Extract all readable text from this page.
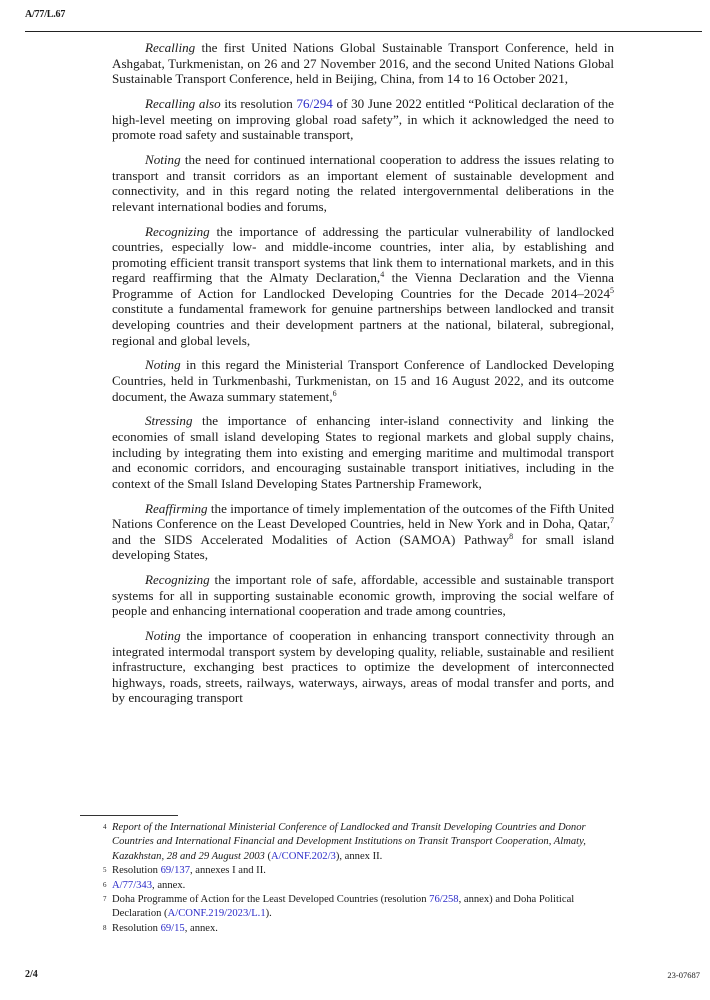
A/77/L.67

Recalling the first United Nations Global Sustainable Transport Conference, held in Ashgabat, Turkmenistan, on 26 and 27 November 2016, and the second United Nations Global Sustainable Transport Conference, held in Beijing, China, from 14 to 16 October 2021,

Recalling also its resolution 76/294 of 30 June 2022 entitled “Political declaration of the high-level meeting on improving global road safety”, in which it acknowledged the need to promote road safety and sustainable transport,

Noting the need for continued international cooperation to address the issues relating to transport and transit corridors as an important element of sustainable development and connectivity, and in this regard noting the related intergovernmental deliberations in the relevant international bodies and forums,

Recognizing the importance of addressing the particular vulnerability of landlocked countries, especially low- and middle-income countries, inter alia, by establishing and promoting efficient transit transport systems that link them to international markets, and in this regard reaffirming that the Almaty Declaration,$^4$ the Vienna Declaration and the Vienna Programme of Action for Landlocked Developing Countries for the Decade 2014–2024$^5$ constitute a fundamental framework for genuine partnerships between landlocked and transit developing countries and their development partners at the national, bilateral, subregional, regional and global levels,

Noting in this regard the Ministerial Transport Conference of Landlocked Developing Countries, held in Turkmenbashi, Turkmenistan, on 15 and 16 August 2022, and its outcome document, the Awaza summary statement,$^6$

Stressing the importance of enhancing inter-island connectivity and linking the economies of small island developing States to regional markets and global supply chains, including by integrating them into existing and emerging maritime and multimodal transport and economic corridors, and encouraging sustainable transport initiatives, including in the context of the Small Island Developing States Partnership Framework,

Reaffirming the importance of timely implementation of the outcomes of the Fifth United Nations Conference on the Least Developed Countries, held in New York and in Doha, Qatar,$^7$ and the SIDS Accelerated Modalities of Action (SAMOA) Pathway$^8$ for small island developing States,

Recognizing the important role of safe, affordable, accessible and sustainable transport systems for all in supporting sustainable economic growth, improving the social welfare of people and enhancing international cooperation and trade among countries,

Noting the importance of cooperation in enhancing transport connectivity through an integrated intermodal transport system by developing quality, reliable, sustainable and resilient infrastructure, exchanging best practices to optimize the development of interconnected highways, roads, streets, railways, waterways, airways, areas of modal transfer and ports, and by encouraging transport

4 Report of the International Ministerial Conference of Landlocked and Transit Developing Countries and Donor Countries and International Financial and Development Institutions on Transit Transport Cooperation, Almaty, Kazakhstan, 28 and 29 August 2003 (A/CONF.202/3), annex II.
5 Resolution 69/137, annexes I and II.
6 A/77/343, annex.
7 Doha Programme of Action for the Least Developed Countries (resolution 76/258, annex) and Doha Political Declaration (A/CONF.219/2023/L.1).
8 Resolution 69/15, annex.
2/4	23-07687
